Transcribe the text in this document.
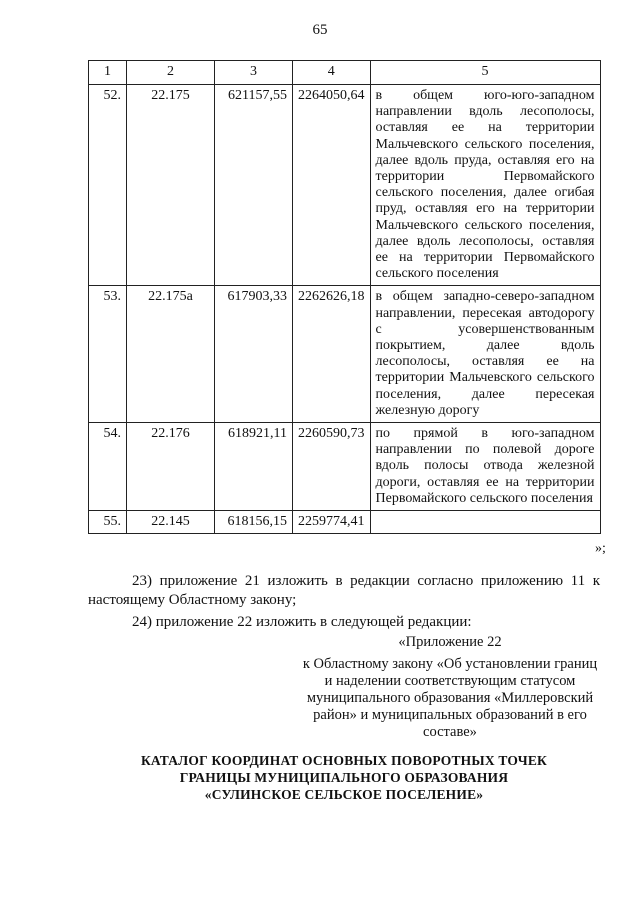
65
1	2	3	4	5
52.	22.175	621157,55	2264050,64	в общем юго-юго-западном направлении вдоль лесополосы, оставляя ее на территории Мальчевского сельского поселения, далее вдоль пруда, оставляя его на территории Первомайского сельского поселения, далее огибая пруд, оставляя его на территории Мальчевского сельского поселения, далее вдоль лесополосы, оставляя ее на территории Первомайского сельского поселения
53.	22.175а	617903,33	2262626,18	в общем западно-северо-западном направлении, пересекая автодорогу с усовершенствованным покрытием, далее вдоль лесополосы, оставляя ее на территории Мальчевского сельского поселения, далее пересекая железную дорогу
54.	22.176	618921,11	2260590,73	по прямой в юго-западном направлении по полевой дороге вдоль полосы отвода железной дороги, оставляя ее на территории Первомайского сельского поселения
55.	22.145	618156,15	2259774,41	
»;

23) приложение 21 изложить в редакции согласно приложению 11 к настоящему Областному закону;

24) приложение 22 изложить в следующей редакции:

«Приложение 22
к Областному закону «Об установлении границ и наделении соответствующим статусом муниципального образования «Миллеровский район» и муниципальных образований в его составе»
КАТАЛОГ КООРДИНАТ ОСНОВНЫХ ПОВОРОТНЫХ ТОЧЕК
ГРАНИЦЫ МУНИЦИПАЛЬНОГО ОБРАЗОВАНИЯ
«СУЛИНСКОЕ СЕЛЬСКОЕ ПОСЕЛЕНИЕ»
